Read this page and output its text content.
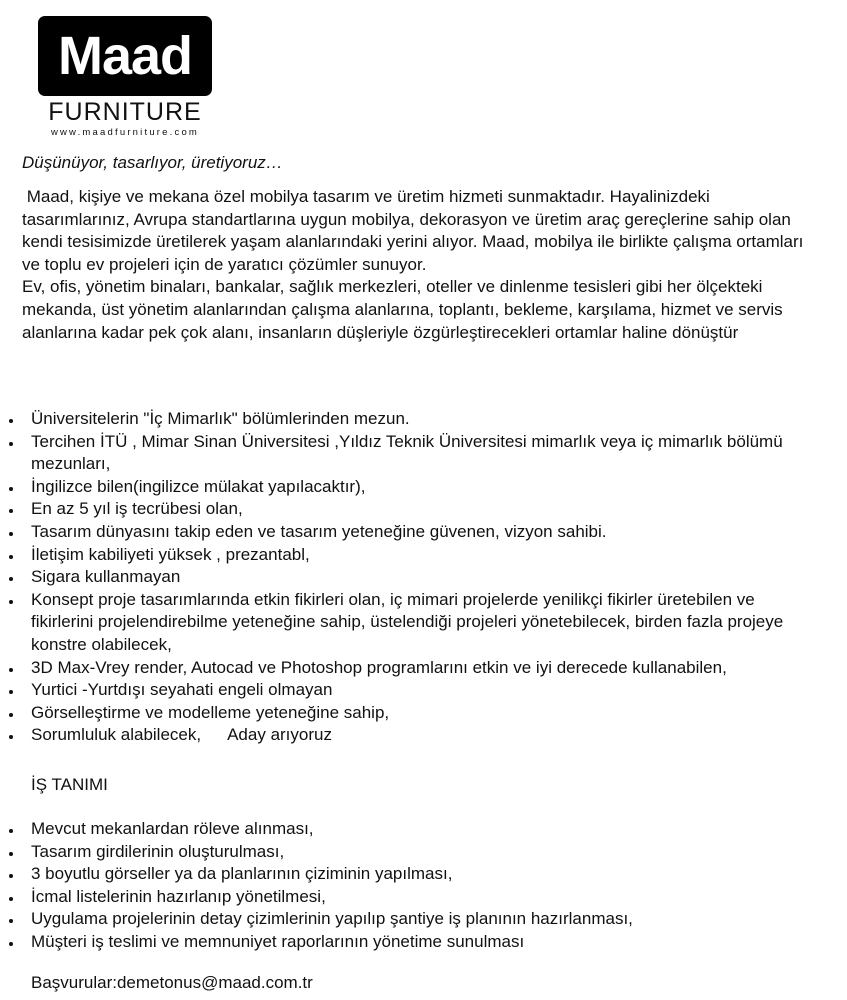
Maad
FURNITURE
www.maadfurniture.com
Düşünüyor, tasarlıyor, üretiyoruz…

Maad, kişiye ve mekana özel mobilya tasarım ve üretim hizmeti sunmaktadır. Hayalinizdeki tasarımlarınız, Avrupa standartlarına uygun mobilya, dekorasyon ve üretim araç gereçlerine sahip olan kendi tesisimizde üretilerek yaşam alanlarındaki yerini alıyor. Maad, mobilya ile birlikte çalışma ortamları ve toplu ev projeleri için de yaratıcı çözümler sunuyor.

Ev, ofis, yönetim binaları, bankalar, sağlık merkezleri, oteller ve dinlenme tesisleri gibi her ölçekteki mekanda, üst yönetim alanlarından çalışma alanlarına, toplantı, bekleme, karşılama, hizmet ve servis alanlarına kadar pek çok alanı, insanların düşleriyle özgürleştirecekleri ortamlar haline dönüştür

Üniversitelerin "İç Mimarlık" bölümlerinden mezun.
Tercihen İTÜ , Mimar Sinan Üniversitesi ,Yıldız Teknik Üniversitesi mimarlık veya iç mimarlık bölümü mezunları,
İngilizce bilen(ingilizce mülakat yapılacaktır),
En az 5 yıl iş tecrübesi olan,
Tasarım dünyasını takip eden ve tasarım yeteneğine güvenen, vizyon sahibi.
İletişim kabiliyeti yüksek , prezantabl,
Sigara kullanmayan
Konsept proje tasarımlarında etkin fikirleri olan, iç mimari projelerde yenilikçi fikirler üretebilen ve fikirlerini projelendirebilme yeteneğine sahip, üstelendiği projeleri yönetebilecek, birden fazla projeye konstre olabilecek,
3D Max-Vrey render, Autocad ve Photoshop programlarını etkin ve iyi derecede kullanabilen,
Yurtici -Yurtdışı seyahati engeli olmayan
Görselleştirme ve modelleme yeteneğine sahip,
Sorumluluk alabilecek, Aday arıyoruz
İŞ TANIMI
Mevcut mekanlardan röleve alınması,
Tasarım girdilerinin oluşturulması,
3 boyutlu görseller ya da planlarının çiziminin yapılması,
İcmal listelerinin hazırlanıp yönetilmesi,
Uygulama projelerinin detay çizimlerinin yapılıp şantiye iş planının hazırlanması,
Müşteri iş teslimi ve memnuniyet raporlarının yönetime sunulması
Başvurular:demetonus@maad.com.tr
